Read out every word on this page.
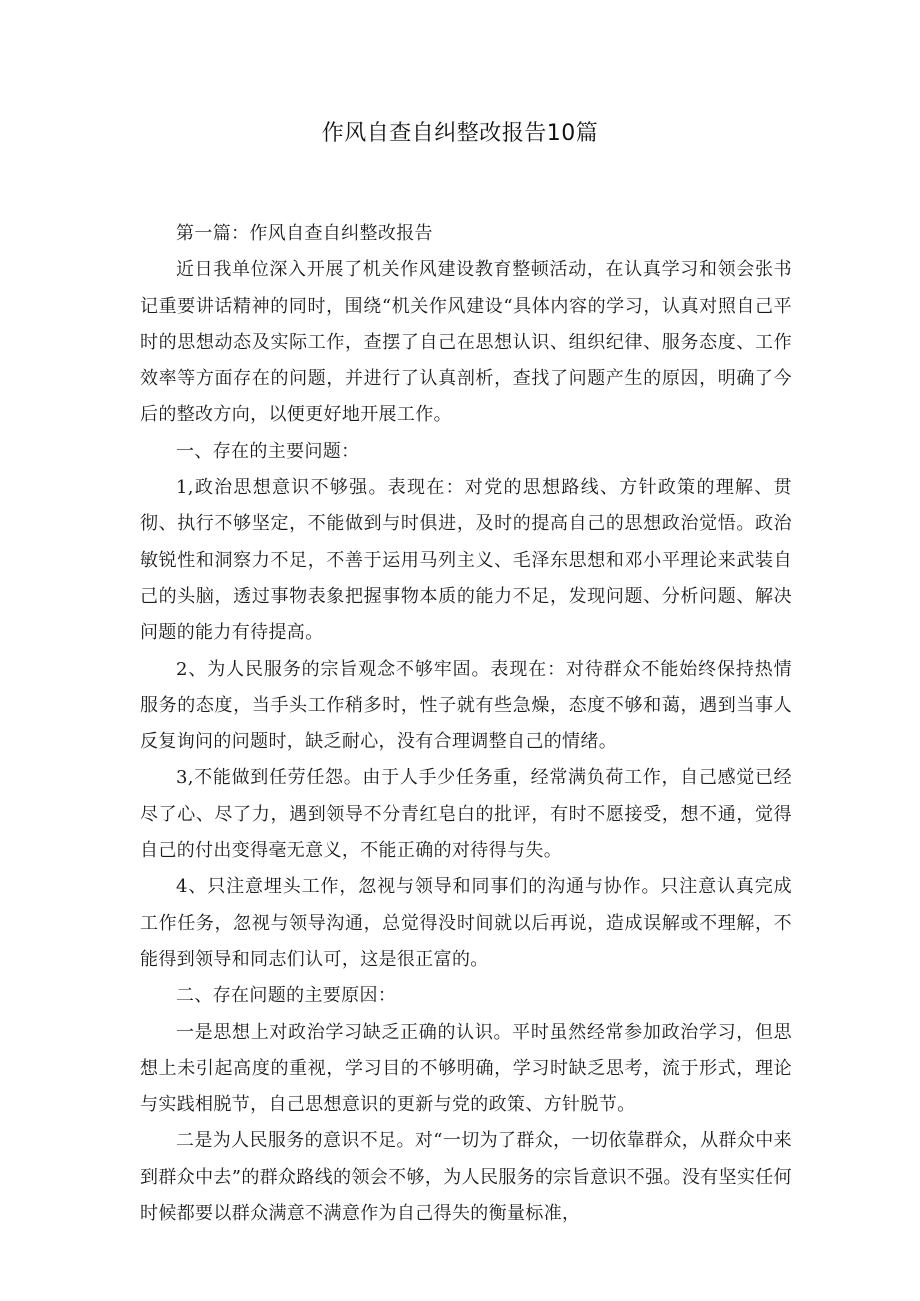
作风自查自纠整改报告10篇

第一篇：作风自查自纠整改报告

近日我单位深入开展了机关作风建设教育整顿活动，在认真学习和领会张书记重要讲话精神的同时，围绕“机关作风建设“具体内容的学习，认真对照自己平时的思想动态及实际工作，查摆了自己在思想认识、组织纪律、服务态度、工作效率等方面存在的问题，并进行了认真剖析，查找了问题产生的原因，明确了今后的整改方向，以便更好地开展工作。

一、存在的主要问题：

1,政治思想意识不够强。表现在：对党的思想路线、方针政策的理解、贯彻、执行不够坚定，不能做到与时俱进，及时的提高自己的思想政治觉悟。政治敏锐性和洞察力不足，不善于运用马列主义、毛泽东思想和邓小平理论来武装自己的头脑，透过事物表象把握事物本质的能力不足，发现问题、分析问题、解决问题的能力有待提高。

2、为人民服务的宗旨观念不够牢固。表现在：对待群众不能始终保持热情服务的态度，当手头工作稍多时，性子就有些急燥，态度不够和蔼，遇到当事人反复询问的问题时，缺乏耐心，没有合理调整自己的情绪。

3,不能做到任劳任怨。由于人手少任务重，经常满负荷工作，自己感觉已经尽了心、尽了力，遇到领导不分青红皂白的批评，有时不愿接受，想不通，觉得自己的付出变得毫无意义，不能正确的对待得与失。

4、只注意埋头工作，忽视与领导和同事们的沟通与协作。只注意认真完成工作任务，忽视与领导沟通，总觉得没时间就以后再说，造成误解或不理解，不能得到领导和同志们认可，这是很正富的。

二、存在问题的主要原因：

一是思想上对政治学习缺乏正确的认识。平时虽然经常参加政治学习，但思想上未引起高度的重视，学习目的不够明确，学习时缺乏思考，流于形式，理论与实践相脱节，自己思想意识的更新与党的政策、方针脱节。

二是为人民服务的意识不足。对“一切为了群众，一切依靠群众，从群众中来到群众中去”的群众路线的领会不够，为人民服务的宗旨意识不强。没有坚实任何时候都要以群众满意不满意作为自己得失的衡量标准，
